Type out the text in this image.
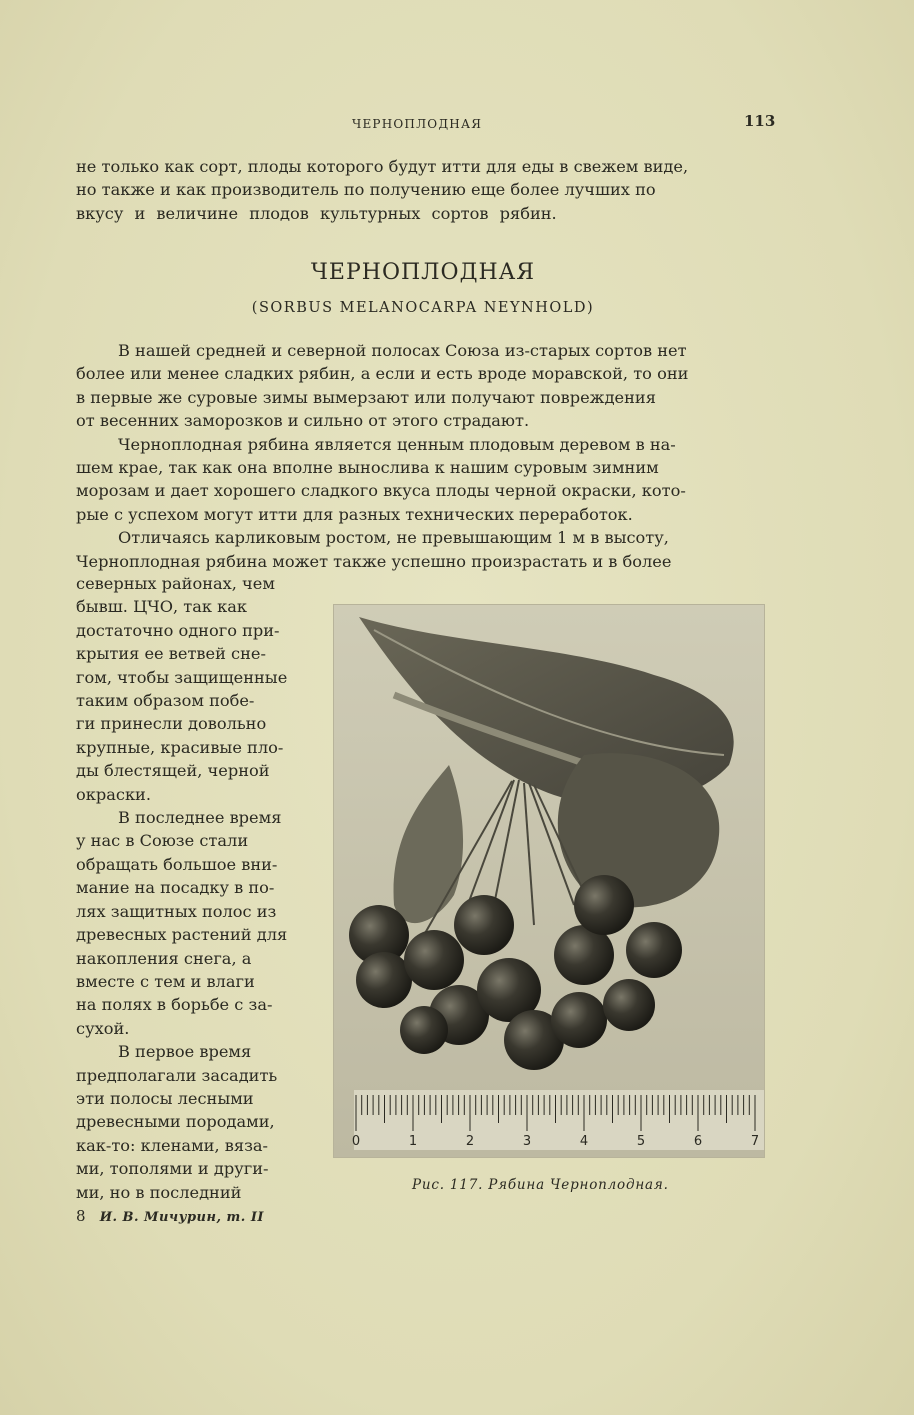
ЧЕРНОПЛОДНАЯ	113
не только как сорт, плоды которого будут итти для еды в свежем виде,
но также и как производитель по получению еще более лучших по
вкусу и величине плодов культурных сортов рябин.
ЧЕРНОПЛОДНАЯ
(SORBUS MELANOCARPA NEYNHOLD)
В нашей средней и северной полосах Союза из-старых сортов нет
более или менее сладких рябин, а если и есть вроде моравской, то они
в первые же суровые зимы вымерзают или получают повреждения
от весенних заморозков и сильно от этого страдают.
Чернoплодная рябина является ценным плодовым деревом в на-
шем крае, так как она вполне вынослива к нашим суровым зимним
морозам и дает хорошего сладкого вкуса плоды черной окраски, кото-
рые с успехом могут итти для разных технических переработок.
Отличаясь карликовым ростом, не превышающим 1 м в высоту,
Черноплодная рябина может также успешно произрастать и в более
северных районах, чем
бывш. ЦЧО, так как
достаточно одного при-
крытия ее ветвей сне-
гом, чтобы защищенные
таким образом побе-
ги принесли довольно
крупные, красивые пло-
ды блестящей, черной
окраски.
В последнее время
у нас в Союзе стали
обращать большое вни-
мание на посадку в по-
лях защитных полос из
древесных растений для
накопления снега, а
вместе с тем и влаги
на полях в борьбе с за-
сухой.
В первое время
предполагали засадить
эти полосы лесными
древесными породами,
как-то: кленами, вяза-
ми, тополями и други-
ми, но в последний
0	1	2	3	4	5	6	7
Рис. 117. Рябина Черноплодная.
8 И. В. Мичурин, т. II
